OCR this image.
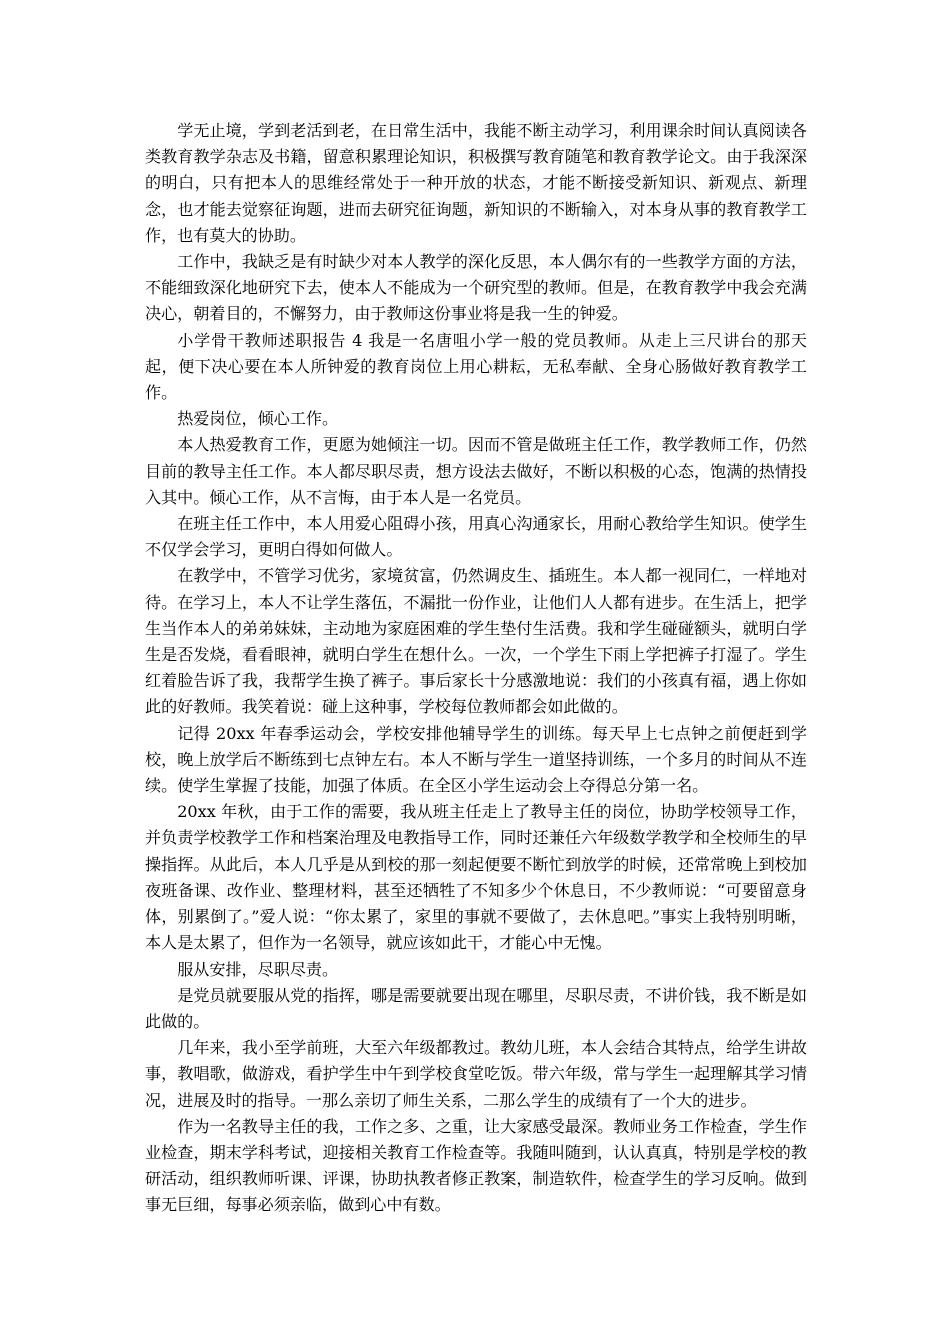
学无止境，学到老活到老，在日常生活中，我能不断主动学习，利用课余时间认真阅读各类教育教学杂志及书籍，留意积累理论知识，积极撰写教育随笔和教育教学论文。由于我深深的明白，只有把本人的思维经常处于一种开放的状态，才能不断接受新知识、新观点、新理念，也才能去觉察征询题，进而去研究征询题，新知识的不断输入，对本身从事的教育教学工作，也有莫大的协助。

工作中，我缺乏是有时缺少对本人教学的深化反思，本人偶尔有的一些教学方面的方法，不能细致深化地研究下去，使本人不能成为一个研究型的教师。但是，在教育教学中我会充满决心，朝着目的，不懈努力，由于教师这份事业将是我一生的钟爱。

小学骨干教师述职报告 4 我是一名唐咀小学一般的党员教师。从走上三尺讲台的那天起，便下决心要在本人所钟爱的教育岗位上用心耕耘，无私奉献、全身心肠做好教育教学工作。

热爱岗位，倾心工作。

本人热爱教育工作，更愿为她倾注一切。因而不管是做班主任工作，教学教师工作，仍然目前的教导主任工作。本人都尽职尽责，想方设法去做好，不断以积极的心态，饱满的热情投入其中。倾心工作，从不言悔，由于本人是一名党员。

在班主任工作中，本人用爱心阻碍小孩，用真心沟通家长，用耐心教给学生知识。使学生不仅学会学习，更明白得如何做人。

在教学中，不管学习优劣，家境贫富，仍然调皮生、插班生。本人都一视同仁，一样地对待。在学习上，本人不让学生落伍，不漏批一份作业，让他们人人都有进步。在生活上，把学生当作本人的弟弟妹妹，主动地为家庭困难的学生垫付生活费。我和学生碰碰额头，就明白学生是否发烧，看看眼神，就明白学生在想什么。一次，一个学生下雨上学把裤子打湿了。学生红着脸告诉了我，我帮学生换了裤子。事后家长十分感激地说：我们的小孩真有福，遇上你如此的好教师。我笑着说：碰上这种事，学校每位教师都会如此做的。

记得 20xx 年春季运动会，学校安排他辅导学生的训练。每天早上七点钟之前便赶到学校，晚上放学后不断练到七点钟左右。本人不断与学生一道坚持训练，一个多月的时间从不连续。使学生掌握了技能，加强了体质。在全区小学生运动会上夺得总分第一名。

20xx 年秋，由于工作的需要，我从班主任走上了教导主任的岗位，协助学校领导工作，并负责学校教学工作和档案治理及电教指导工作，同时还兼任六年级数学教学和全校师生的早操指挥。从此后，本人几乎是从到校的那一刻起便要不断忙到放学的时候，还常常晚上到校加夜班备课、改作业、整理材料，甚至还牺牲了不知多少个休息日，不少教师说：“可要留意身体，别累倒了。”爱人说：“你太累了，家里的事就不要做了，去休息吧。”事实上我特别明晰，本人是太累了，但作为一名领导，就应该如此干，才能心中无愧。

服从安排，尽职尽责。

是党员就要服从党的指挥，哪是需要就要出现在哪里，尽职尽责，不讲价钱，我不断是如此做的。

几年来，我小至学前班，大至六年级都教过。教幼儿班，本人会结合其特点，给学生讲故事，教唱歌，做游戏，看护学生中午到学校食堂吃饭。带六年级，常与学生一起理解其学习情况，进展及时的指导。一那么亲切了师生关系，二那么学生的成绩有了一个大的进步。

作为一名教导主任的我，工作之多、之重，让大家感受最深。教师业务工作检查，学生作业检查，期末学科考试，迎接相关教育工作检查等。我随叫随到，认认真真，特别是学校的教研活动，组织教师听课、评课，协助执教者修正教案，制造软件，检查学生的学习反响。做到事无巨细，每事必须亲临，做到心中有数。
